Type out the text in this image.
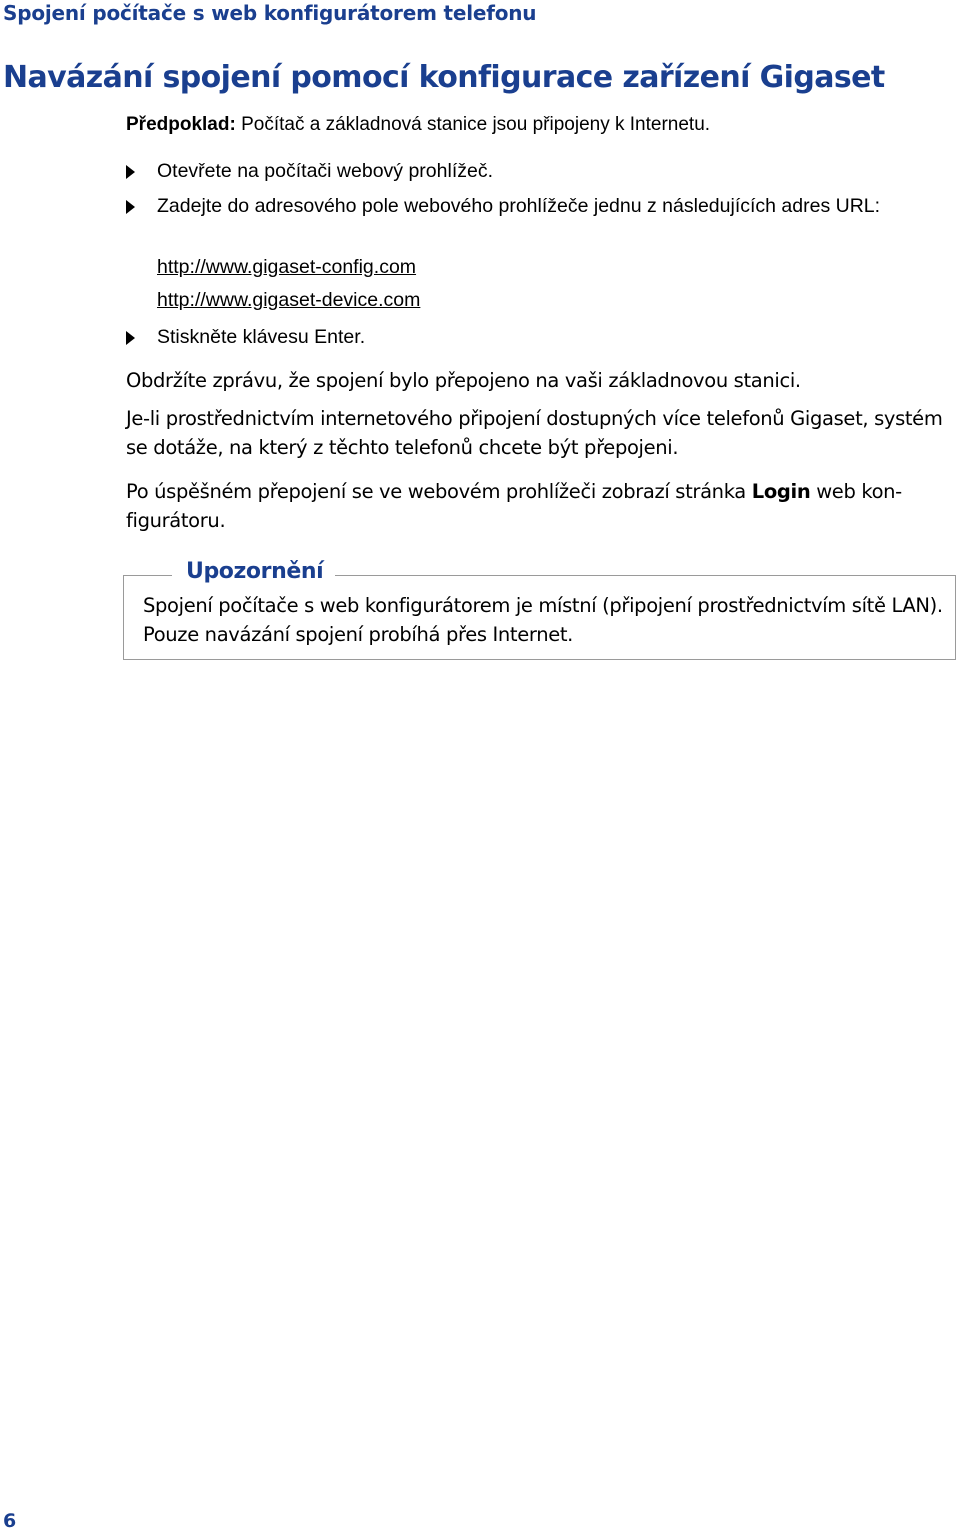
Spojení počítače s web konfigurátorem telefonu
Navázání spojení pomocí konfigurace zařízení Gigaset
Předpoklad: Počítač a základnová stanice jsou připojeny k Internetu.
Otevřete na počítači webový prohlížeč.
Zadejte do adresového pole webového prohlížeče jednu z následujících adres URL:
http://www.gigaset-config.com
http://www.gigaset-device.com
Stiskněte klávesu Enter.

Obdržíte zprávu, že spojení bylo přepojeno na vaši základnovou stanici.

Je-li prostřednictvím internetového připojení dostupných více telefonů Gigaset, systém se dotáže, na který z těchto telefonů chcete být přepojeni.

Po úspěšném přepojení se ve webovém prohlížeči zobrazí stránka Login web kon-figurátoru.

Upozornění
Spojení počítače s web konfigurátorem je místní (připojení prostřednictvím sítě LAN). Pouze navázání spojení probíhá přes Internet.
6
